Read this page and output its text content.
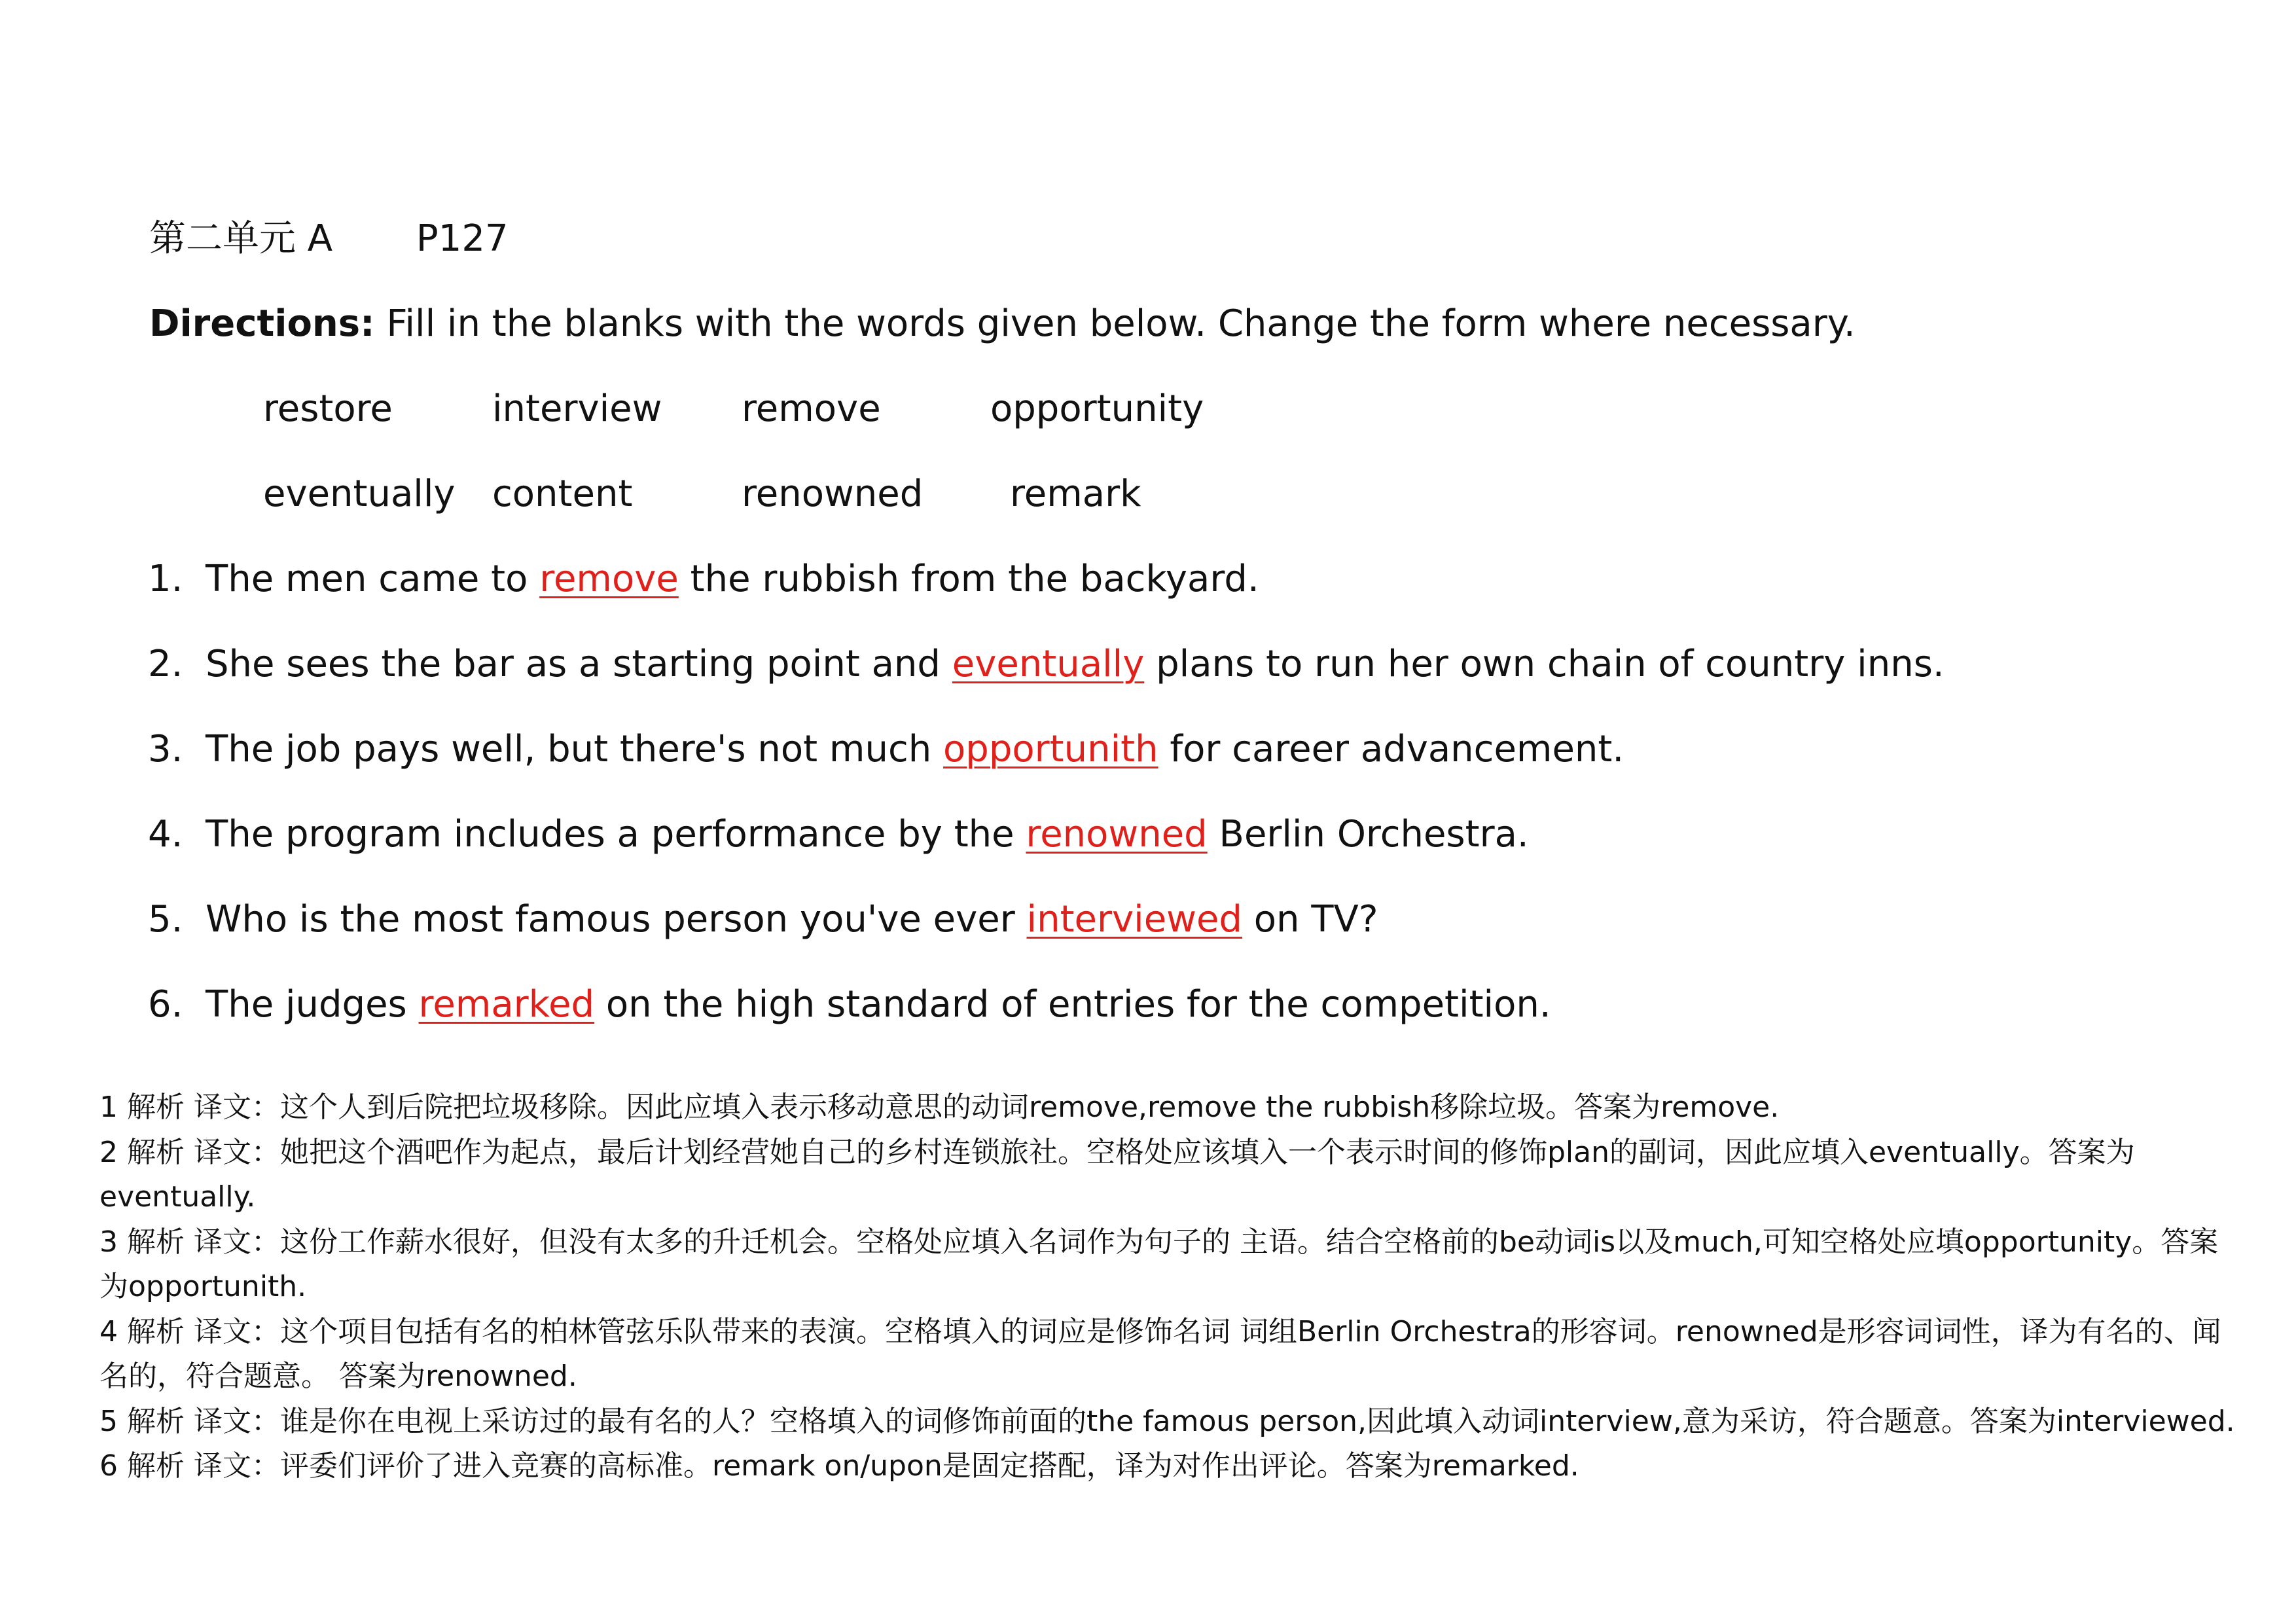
第二单元 A P127
Directions: Fill in the blanks with the words given below. Change the form where necessary.
restore	interview remove	opportunity
eventually content	renowned remark
1. The men came to remove the rubbish from the backyard.
2. She sees the bar as a starting point and eventually plans to run her own chain of country inns.
3. The job pays well, but there's not much opportunith for career advancement.
4. The program includes a performance by the renowned Berlin Orchestra.
5. Who is the most famous person you've ever interviewed on TV?
6. The judges remarked on the high standard of entries for the competition.

1 解析 译文：这个人到后院把垃圾移除。因此应填入表示移动意思的动词remove,remove the rubbish移除垃圾。答案为remove.

2 解析 译文：她把这个酒吧作为起点，最后计划经营她自己的乡村连锁旅社。空格处应该填入一个表示时间的修饰plan的副词，因此应填入eventually。答案为eventually.

3 解析 译文：这份工作薪水很好，但没有太多的升迁机会。空格处应填入名词作为句子的 主语。结合空格前的be动词is以及much,可知空格处应填opportunity。答案为opportunith.

4 解析 译文：这个项目包括有名的柏林管弦乐队带来的表演。空格填入的词应是修饰名词 词组Berlin Orchestra的形容词。renowned是形容词词性，译为有名的、闻名的，符合题意。 答案为renowned.

5 解析 译文：谁是你在电视上采访过的最有名的人？空格填入的词修饰前面的the famous person,因此填入动词interview,意为采访，符合题意。答案为interviewed.

6 解析 译文：评委们评价了进入竞赛的高标准。remark on/upon是固定搭配，译为对作出评论。答案为remarked.
